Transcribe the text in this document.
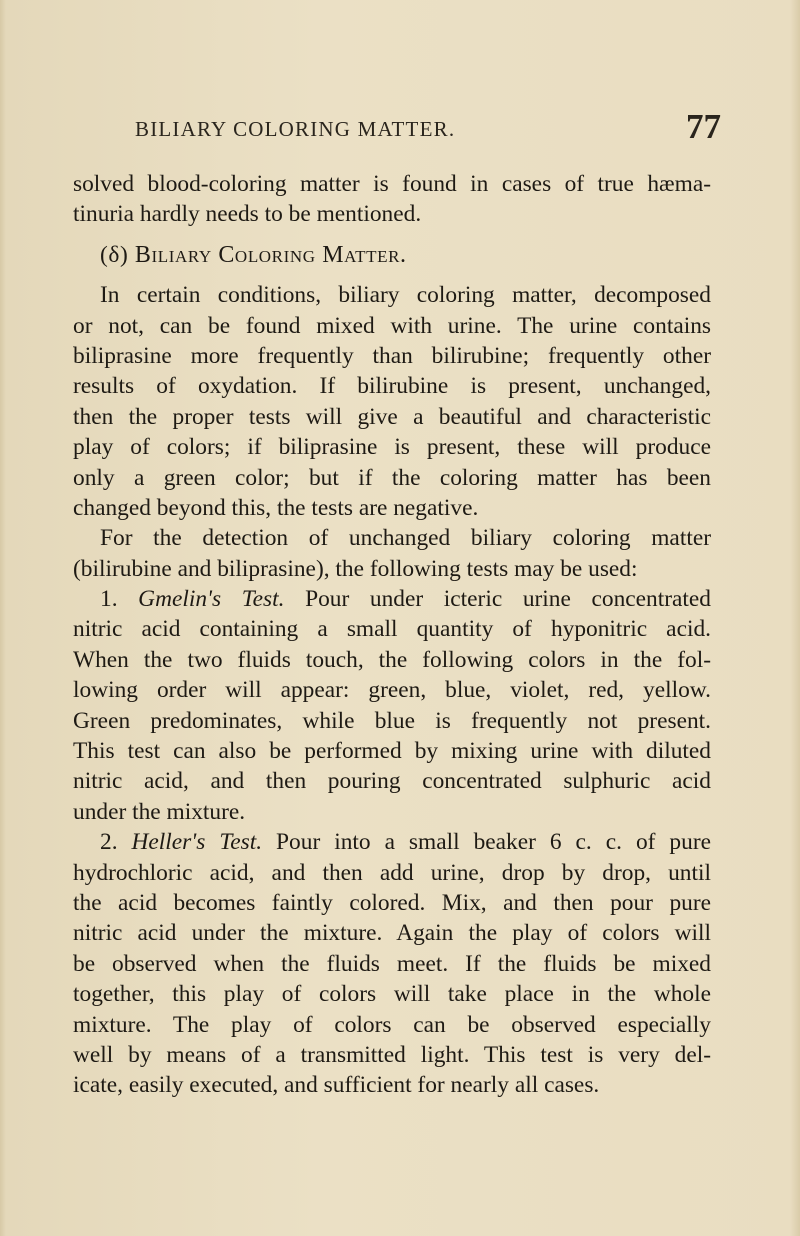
BILIARY COLORING MATTER.	77
solved blood-coloring matter is found in cases of true hæma-
tinuria hardly needs to be mentioned.
(δ) Biliary Coloring Matter.
In certain conditions, biliary coloring matter, decomposed
or not, can be found mixed with urine. The urine contains
biliprasine more frequently than bilirubine; frequently other
results of oxydation. If bilirubine is present, unchanged,
then the proper tests will give a beautiful and characteristic
play of colors; if biliprasine is present, these will produce
only a green color; but if the coloring matter has been
changed beyond this, the tests are negative.
For the detection of unchanged biliary coloring matter
(bilirubine and biliprasine), the following tests may be used:
1. Gmelin's Test. Pour under icteric urine concentrated
nitric acid containing a small quantity of hyponitric acid.
When the two fluids touch, the following colors in the fol-
lowing order will appear: green, blue, violet, red, yellow.
Green predominates, while blue is frequently not present.
This test can also be performed by mixing urine with diluted
nitric acid, and then pouring concentrated sulphuric acid
under the mixture.
2. Heller's Test. Pour into a small beaker 6 c. c. of pure
hydrochloric acid, and then add urine, drop by drop, until
the acid becomes faintly colored. Mix, and then pour pure
nitric acid under the mixture. Again the play of colors will
be observed when the fluids meet. If the fluids be mixed
together, this play of colors will take place in the whole
mixture. The play of colors can be observed especially
well by means of a transmitted light. This test is very del-
icate, easily executed, and sufficient for nearly all cases.
